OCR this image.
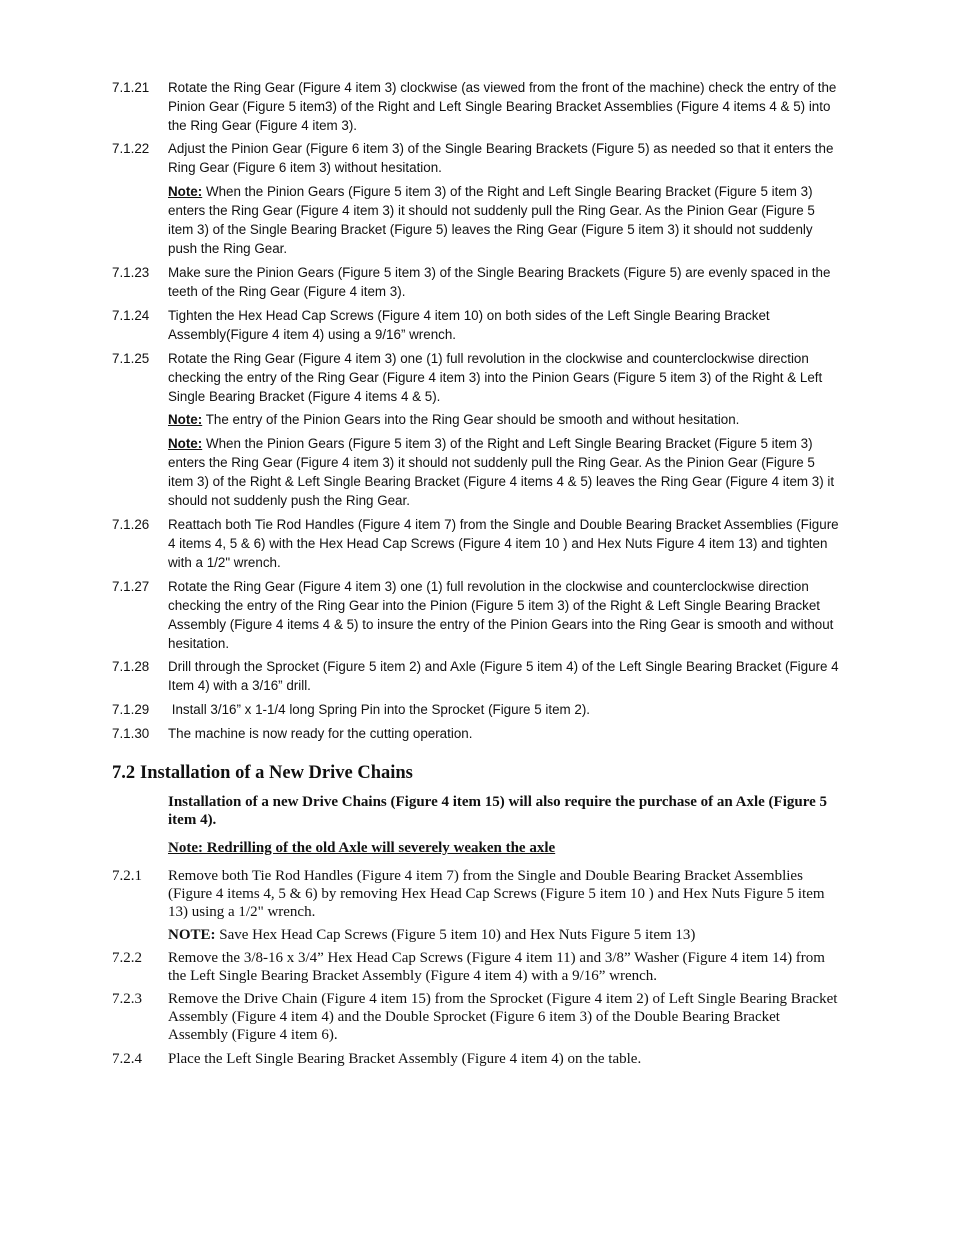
7.1.21	Rotate the Ring Gear (Figure 4 item 3) clockwise (as viewed from the front of the machine) check the entry of the Pinion Gear (Figure 5 item3) of the Right and Left Single Bearing Bracket Assemblies (Figure 4 items 4 & 5) into the Ring Gear (Figure 4 item 3).
7.1.22	Adjust the Pinion Gear (Figure 6 item 3) of the Single Bearing Brackets (Figure 5) as needed so that it enters the Ring Gear (Figure 6 item 3) without hesitation.
Note: When the Pinion Gears (Figure 5 item 3) of the Right and Left Single Bearing Bracket (Figure 5 item 3) enters the Ring Gear (Figure 4 item 3) it should not suddenly pull the Ring Gear. As the Pinion Gear (Figure 5 item 3) of the Single Bearing Bracket (Figure 5) leaves the Ring Gear (Figure 5 item 3) it should not suddenly push the Ring Gear.
7.1.23	Make sure the Pinion Gears (Figure 5 item 3) of the Single Bearing Brackets (Figure 5) are evenly spaced in the teeth of the Ring Gear (Figure 4 item 3).
7.1.24	Tighten the Hex Head Cap Screws (Figure 4 item 10) on both sides of the Left Single Bearing Bracket Assembly(Figure 4 item 4) using a 9/16” wrench.
7.1.25	Rotate the Ring Gear (Figure 4 item 3) one (1) full revolution in the clockwise and counterclockwise direction checking the entry of the Ring Gear (Figure 4 item 3) into the Pinion Gears (Figure 5 item 3) of the Right & Left Single Bearing Bracket (Figure 4 items 4 & 5).
Note: The entry of the Pinion Gears into the Ring Gear should be smooth and without hesitation.
Note: When the Pinion Gears (Figure 5 item 3) of the Right and Left Single Bearing Bracket (Figure 5 item 3) enters the Ring Gear (Figure 4 item 3) it should not suddenly pull the Ring Gear. As the Pinion Gear (Figure 5 item 3) of the Right & Left Single Bearing Bracket (Figure 4 items 4 & 5) leaves the Ring Gear (Figure 4 item 3) it should not suddenly push the Ring Gear.
7.1.26	Reattach both Tie Rod Handles (Figure 4 item 7) from the Single and Double Bearing Bracket Assemblies (Figure 4 items 4, 5 & 6) with the Hex Head Cap Screws (Figure 4 item 10 ) and Hex Nuts Figure 4 item 13) and tighten with a 1/2" wrench.
7.1.27	Rotate the Ring Gear (Figure 4 item 3) one (1) full revolution in the clockwise and counterclockwise direction checking the entry of the Ring Gear into the Pinion (Figure 5 item 3) of the Right & Left Single Bearing Bracket Assembly (Figure 4 items 4 & 5) to insure the entry of the Pinion Gears into the Ring Gear is smooth and without hesitation.
7.1.28	Drill through the Sprocket (Figure 5 item 2) and Axle (Figure 5 item 4) of the Left Single Bearing Bracket (Figure 4 Item 4) with a 3/16” drill.
7.1.29	Install 3/16” x 1-1/4 long Spring Pin into the Sprocket (Figure 5 item 2).
7.1.30	The machine is now ready for the cutting operation.
7.2 Installation of a New Drive Chains
Installation of a new Drive Chains (Figure 4 item 15) will also require the purchase of an Axle (Figure 5 item 4).
Note: Redrilling of the old Axle will severely weaken the axle
7.2.1	Remove both Tie Rod Handles (Figure 4 item 7) from the Single and Double Bearing Bracket Assemblies (Figure 4 items 4, 5 & 6) by removing Hex Head Cap Screws (Figure 5 item 10 ) and Hex Nuts Figure 5 item 13) using a 1/2" wrench.
NOTE: Save Hex Head Cap Screws (Figure 5 item 10) and Hex Nuts Figure 5 item 13)
7.2.2	Remove the 3/8-16 x 3/4” Hex Head Cap Screws (Figure 4 item 11) and 3/8” Washer (Figure 4 item 14) from the Left Single Bearing Bracket Assembly (Figure 4 item 4) with a 9/16” wrench.
7.2.3	Remove the Drive Chain (Figure 4 item 15) from the Sprocket (Figure 4 item 2) of Left Single Bearing Bracket Assembly (Figure 4 item 4) and the Double Sprocket (Figure 6 item 3) of the Double Bearing Bracket Assembly (Figure 4 item 6).
7.2.4	Place the Left Single Bearing Bracket Assembly (Figure 4 item 4) on the table.
